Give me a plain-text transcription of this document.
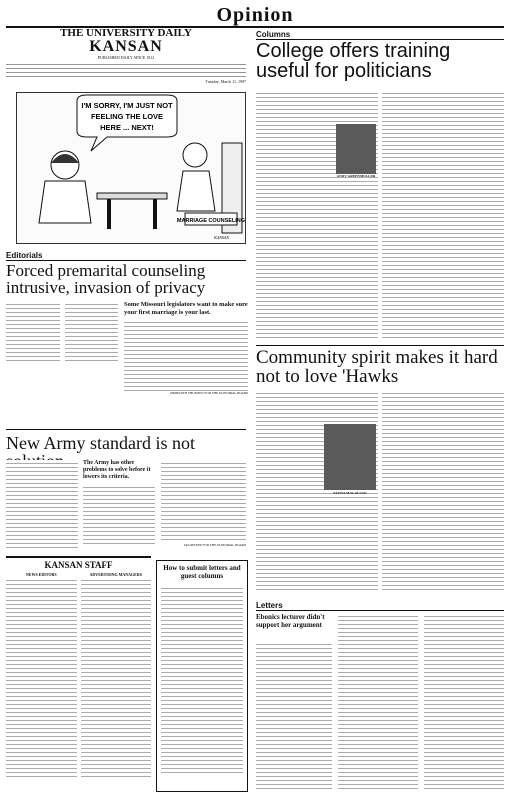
Opinion
THE UNIVERSITY DAILY
KANSAN
PUBLISHED DAILY SINCE 1912
Tuesday, March 11, 1997
I'M SORRY, I'M JUST NOT
FEELING THE LOVE
HERE ... NEXT!
MARRIAGE COUNSELING
KANSAN
Editorials
Forced premarital counseling intrusive, invasion of privacy
Some Missouri legislators want to make sure your first marriage is your last.
MEREDITH THOMSEN FOR THE EDITORIAL BOARD
New Army standard is not
The Army has other problems to solve before it lowers its criteria.
IAN RITTER FOR THE EDITORIAL BOARD
KANSAN STAFF
NEWS EDITORS	ADVERTISING MANAGERS
How to submit letters and guest columns
Columns
College offers training useful for politicians
ANDY GREENMULLER
Community spirit makes it hard not to love 'Hawks
ELENA MACALUSO
Letters
Ebonics lecturer didn't support her argument
